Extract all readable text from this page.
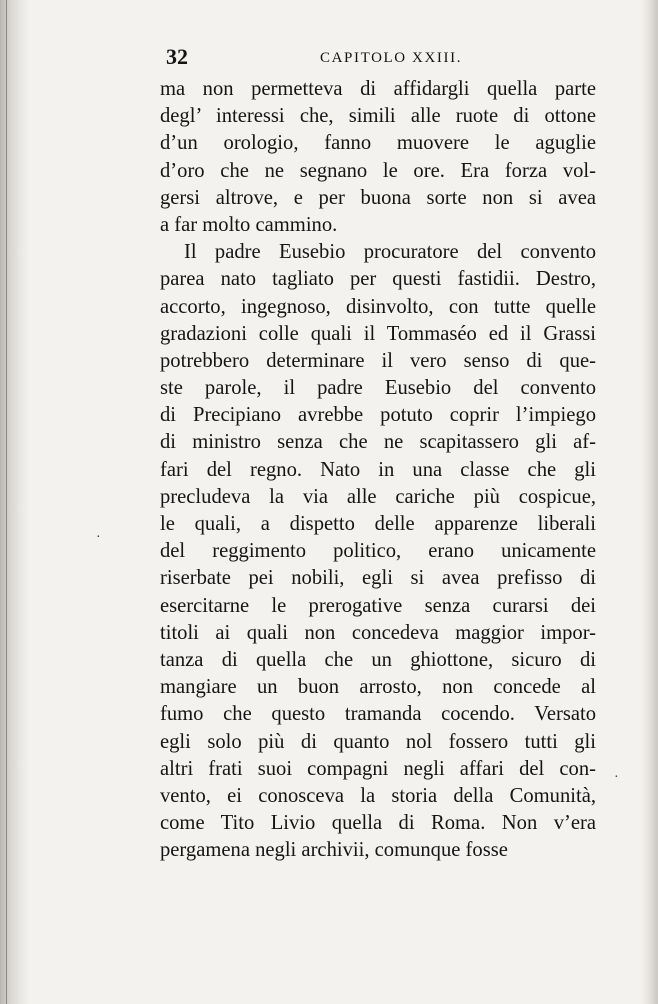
32	CAPITOLO XXIII.
ma non permetteva di affidargli quella parte
degl’ interessi che, simili alle ruote di ottone
d’un orologio, fanno muovere le aguglie
d’oro che ne segnano le ore. Era forza vol-
gersi altrove, e per buona sorte non si avea
a far molto cammino.
Il padre Eusebio procuratore del convento
parea nato tagliato per questi fastidii. Destro,
accorto, ingegnoso, disinvolto, con tutte quelle
gradazioni colle quali il Tommaséo ed il Grassi
potrebbero determinare il vero senso di que-
ste parole, il padre Eusebio del convento
di Precipiano avrebbe potuto coprir l’impiego
di ministro senza che ne scapitassero gli af-
fari del regno. Nato in una classe che gli
precludeva la via alle cariche più cospicue,
le quali, a dispetto delle apparenze liberali
del reggimento politico, erano unicamente
riserbate pei nobili, egli si avea prefisso di
esercitarne le prerogative senza curarsi dei
titoli ai quali non concedeva maggior impor-
tanza di quella che un ghiottone, sicuro di
mangiare un buon arrosto, non concede al
fumo che questo tramanda cocendo. Versato
egli solo più di quanto nol fossero tutti gli
altri frati suoi compagni negli affari del con-
vento, ei conosceva la storia della Comunità,
come Tito Livio quella di Roma. Non v’era
pergamena negli archivii, comunque fosse
·
·
